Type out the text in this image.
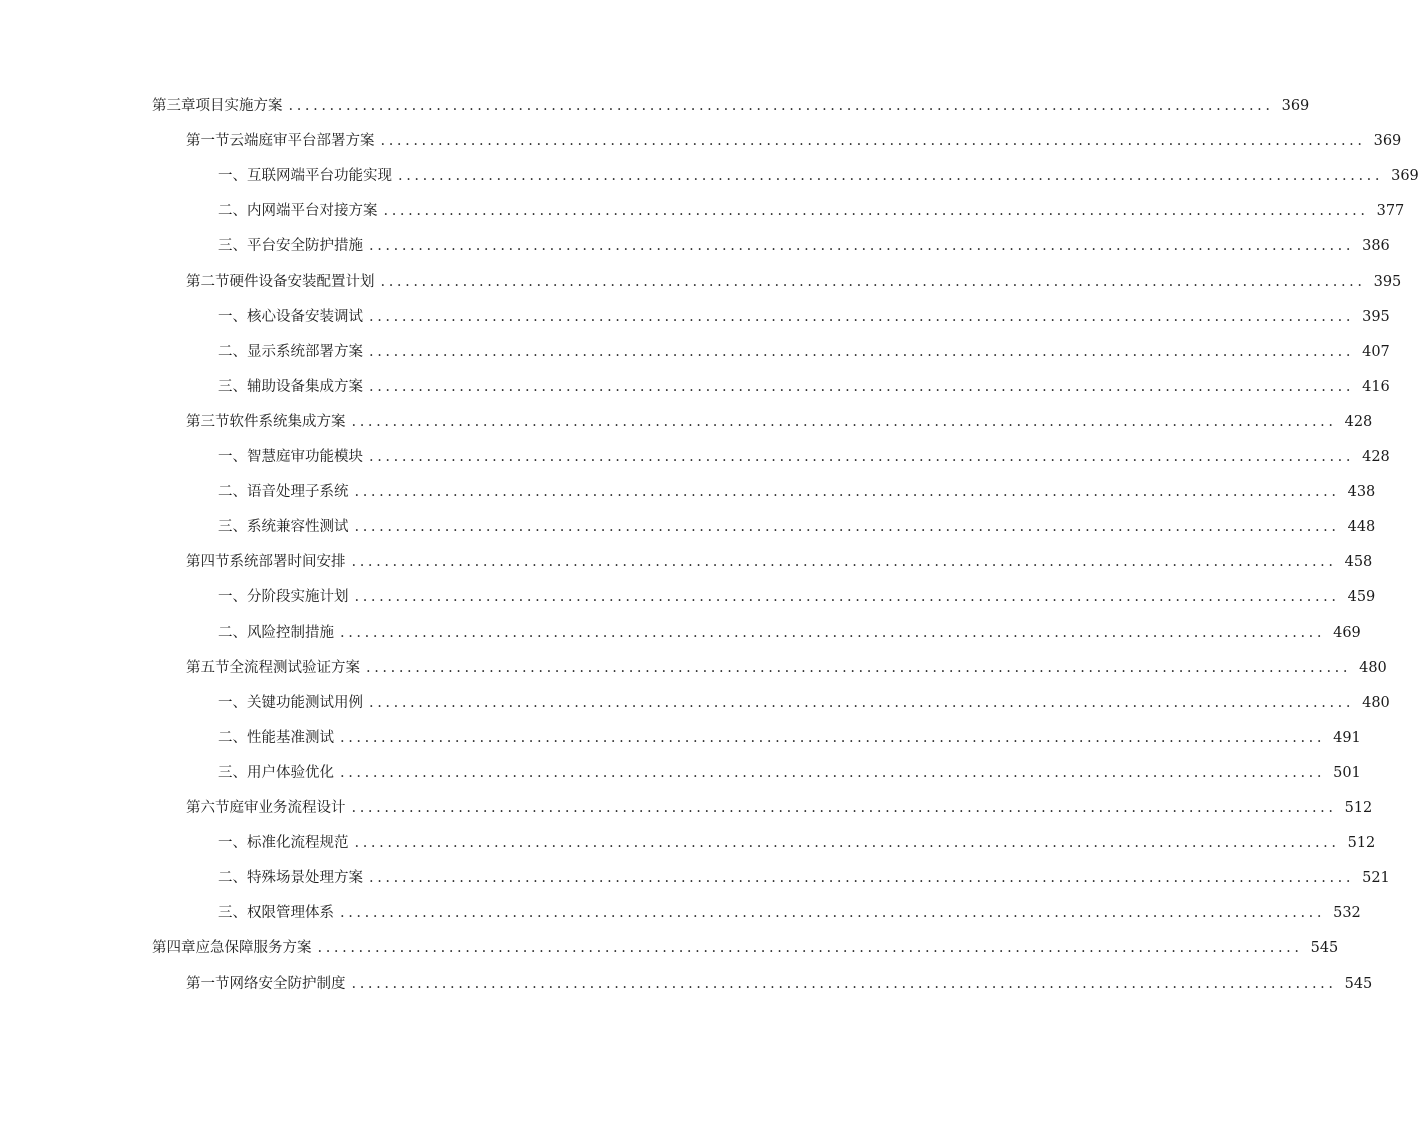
第三章 项目实施方案 ........................................................................................................................ 369
第一节 云端庭审平台部署方案 ........................................................................................................................ 369
一、 互联网端平台功能实现 ........................................................................................................................ 369
二、 内网端平台对接方案 ........................................................................................................................ 377
三、 平台安全防护措施 ........................................................................................................................ 386
第二节 硬件设备安装配置计划 ........................................................................................................................ 395
一、 核心设备安装调试 ........................................................................................................................ 395
二、 显示系统部署方案 ........................................................................................................................ 407
三、 辅助设备集成方案 ........................................................................................................................ 416
第三节 软件系统集成方案 ........................................................................................................................ 428
一、 智慧庭审功能模块 ........................................................................................................................ 428
二、 语音处理子系统 ........................................................................................................................ 438
三、 系统兼容性测试 ........................................................................................................................ 448
第四节 系统部署时间安排 ........................................................................................................................ 458
一、 分阶段实施计划 ........................................................................................................................ 459
二、 风险控制措施 ........................................................................................................................ 469
第五节 全流程测试验证方案 ........................................................................................................................ 480
一、 关键功能测试用例 ........................................................................................................................ 480
二、 性能基准测试 ........................................................................................................................ 491
三、 用户体验优化 ........................................................................................................................ 501
第六节 庭审业务流程设计 ........................................................................................................................ 512
一、 标准化流程规范 ........................................................................................................................ 512
二、 特殊场景处理方案 ........................................................................................................................ 521
三、 权限管理体系 ........................................................................................................................ 532
第四章 应急保障服务方案 ........................................................................................................................ 545
第一节 网络安全防护制度 ........................................................................................................................ 545
